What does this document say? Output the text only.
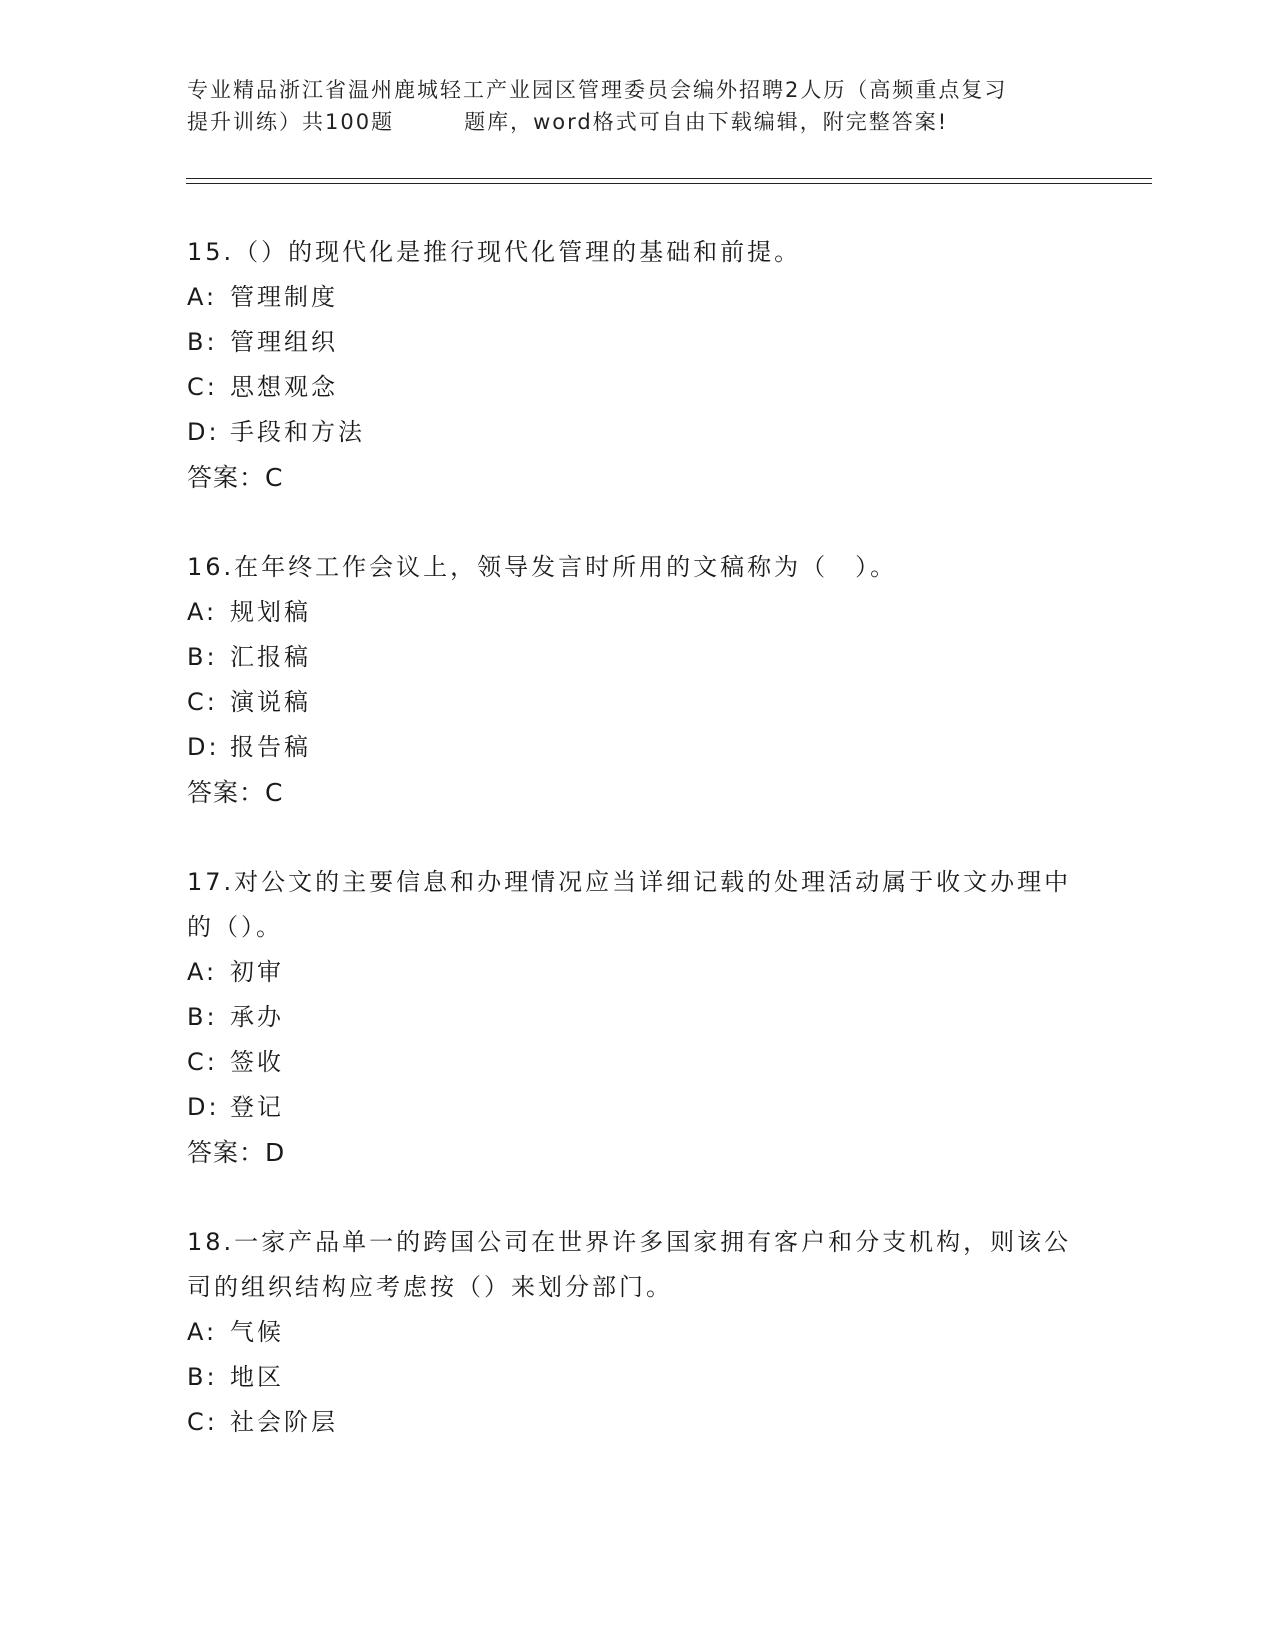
专业精品浙江省温州鹿城轻工产业园区管理委员会编外招聘2人历（高频重点复习
提升训练）共100题	题库，word格式可自由下载编辑，附完整答案!

15.（）的现代化是推行现代化管理的基础和前提。

A: 管理制度

B: 管理组织

C: 思想观念

D: 手段和方法

答案：C

16.在年终工作会议上，领导发言时所用的文稿称为（　）。

A: 规划稿

B: 汇报稿

C: 演说稿

D: 报告稿

答案：C

17.对公文的主要信息和办理情况应当详细记载的处理活动属于收文办理中的（）。

A: 初审

B: 承办

C: 签收

D: 登记

答案：D

18.一家产品单一的跨国公司在世界许多国家拥有客户和分支机构，则该公司的组织结构应考虑按（）来划分部门。

A: 气候

B: 地区

C: 社会阶层
